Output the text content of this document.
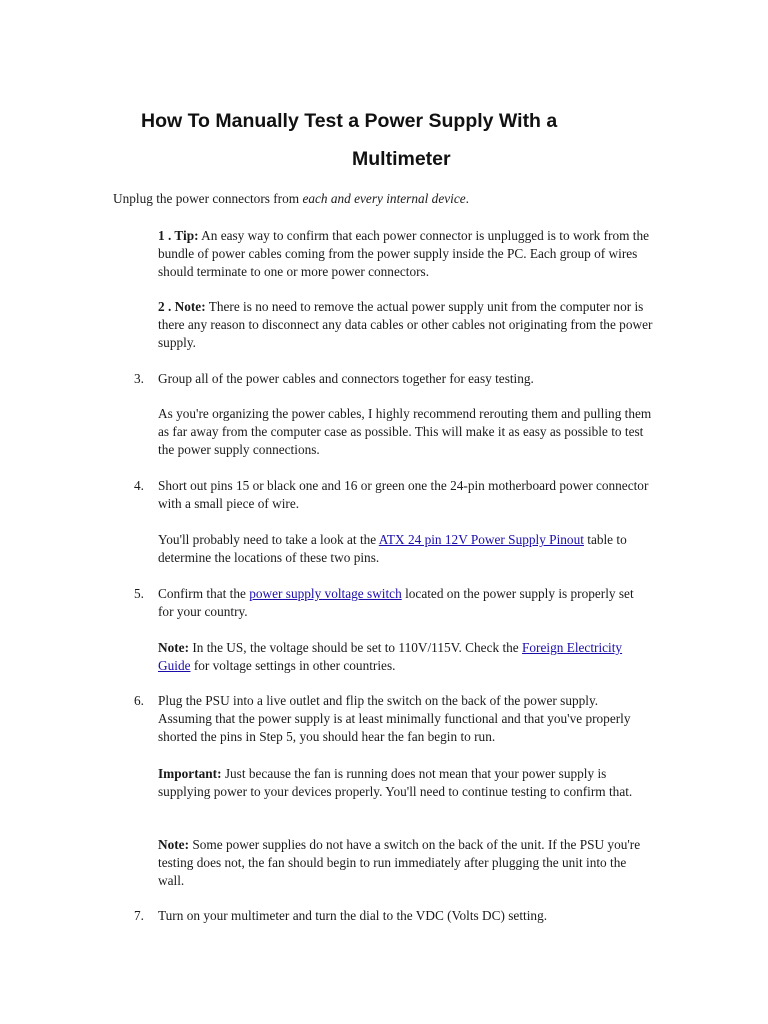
How To Manually Test a Power Supply With a
Multimeter
Unplug the power connectors from each and every internal device.

1 . Tip: An easy way to confirm that each power connector is unplugged is to work from the bundle of power cables coming from the power supply inside the PC. Each group of wires should terminate to one or more power connectors.

2 . Note: There is no need to remove the actual power supply unit from the computer nor is there any reason to disconnect any data cables or other cables not originating from the power supply.

3.	Group all of the power cables and connectors together for easy testing.

As you're organizing the power cables, I highly recommend rerouting them and pulling them as far away from the computer case as possible. This will make it as easy as possible to test the power supply connections.

4.	Short out pins 15 or black one and 16 or green one the 24-pin motherboard power connector with a small piece of wire.

You'll probably need to take a look at the ATX 24 pin 12V Power Supply Pinout table to determine the locations of these two pins.

5.	Confirm that the power supply voltage switch located on the power supply is properly set for your country.

Note: In the US, the voltage should be set to 110V/115V. Check the Foreign Electricity Guide for voltage settings in other countries.

6.	Plug the PSU into a live outlet and flip the switch on the back of the power supply. Assuming that the power supply is at least minimally functional and that you've properly shorted the pins in Step 5, you should hear the fan begin to run.

Important: Just because the fan is running does not mean that your power supply is supplying power to your devices properly. You'll need to continue testing to confirm that.

Note: Some power supplies do not have a switch on the back of the unit. If the PSU you're testing does not, the fan should begin to run immediately after plugging the unit into the wall.

7.	Turn on your multimeter and turn the dial to the VDC (Volts DC) setting.
